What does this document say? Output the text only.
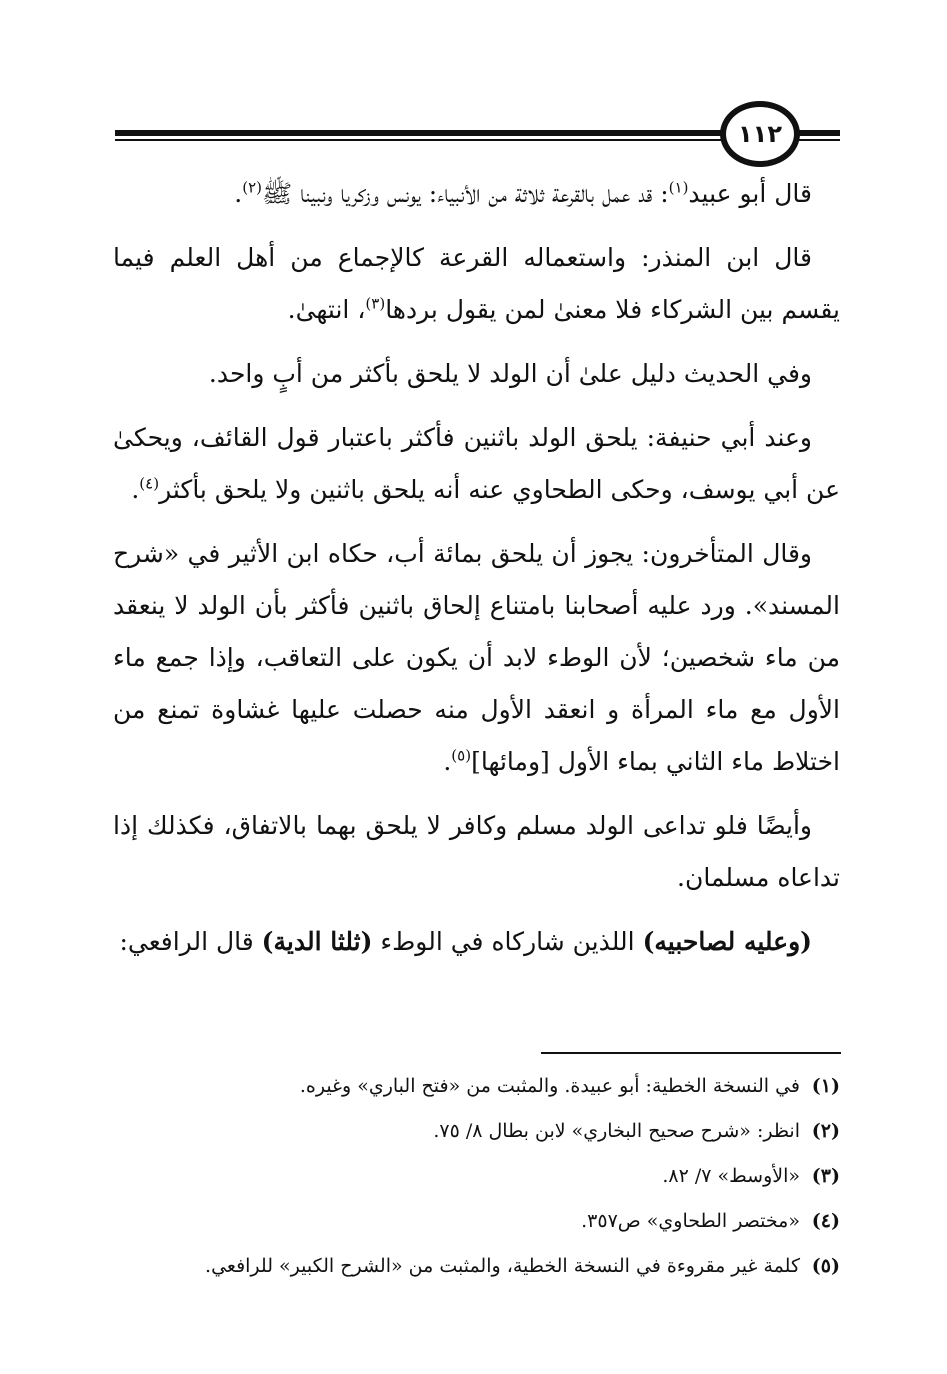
١١٢

قال أبو عبيد$^{(١)}$: قد عمل بالقرعة ثلاثة من الأنبياء: يونس وزكريا ونبينا ﷺ$^{(٢)}$.

قال ابن المنذر: واستعماله القرعة كالإجماع من أهل العلم فيما يقسم بين الشركاء فلا معنىٰ لمن يقول بردها$^{(٣)}$، انتهىٰ.

وفي الحديث دليل علىٰ أن الولد لا يلحق بأكثر من أبٍ واحد.

وعند أبي حنيفة: يلحق الولد باثنين فأكثر باعتبار قول القائف، ويحكىٰ عن أبي يوسف، وحكى الطحاوي عنه أنه يلحق باثنين ولا يلحق بأكثر$^{(٤)}$.

وقال المتأخرون: يجوز أن يلحق بمائة أب، حكاه ابن الأثير في «شرح المسند». ورد عليه أصحابنا بامتناع إلحاق باثنين فأكثر بأن الولد لا ينعقد من ماء شخصين؛ لأن الوطء لابد أن يكون على التعاقب، وإذا جمع ماء الأول مع ماء المرأة و انعقد الأول منه حصلت عليها غشاوة تمنع من اختلاط ماء الثاني بماء الأول [ومائها]$^{(٥)}$.

وأيضًا فلو تداعى الولد مسلم وكافر لا يلحق بهما بالاتفاق، فكذلك إذا تداعاه مسلمان.

(وعليه لصاحبيه) اللذين شاركاه في الوطء (ثلثا الدية) قال الرافعي:

(١)في النسخة الخطية: أبو عبيدة. والمثبت من «فتح الباري» وغيره.

(٢)انظر: «شرح صحيح البخاري» لابن بطال ٨/ ٧٥.

(٣)«الأوسط» ٧/ ٨٢.

(٤)«مختصر الطحاوي» ص٣٥٧.

(٥)كلمة غير مقروءة في النسخة الخطية، والمثبت من «الشرح الكبير» للرافعي.
